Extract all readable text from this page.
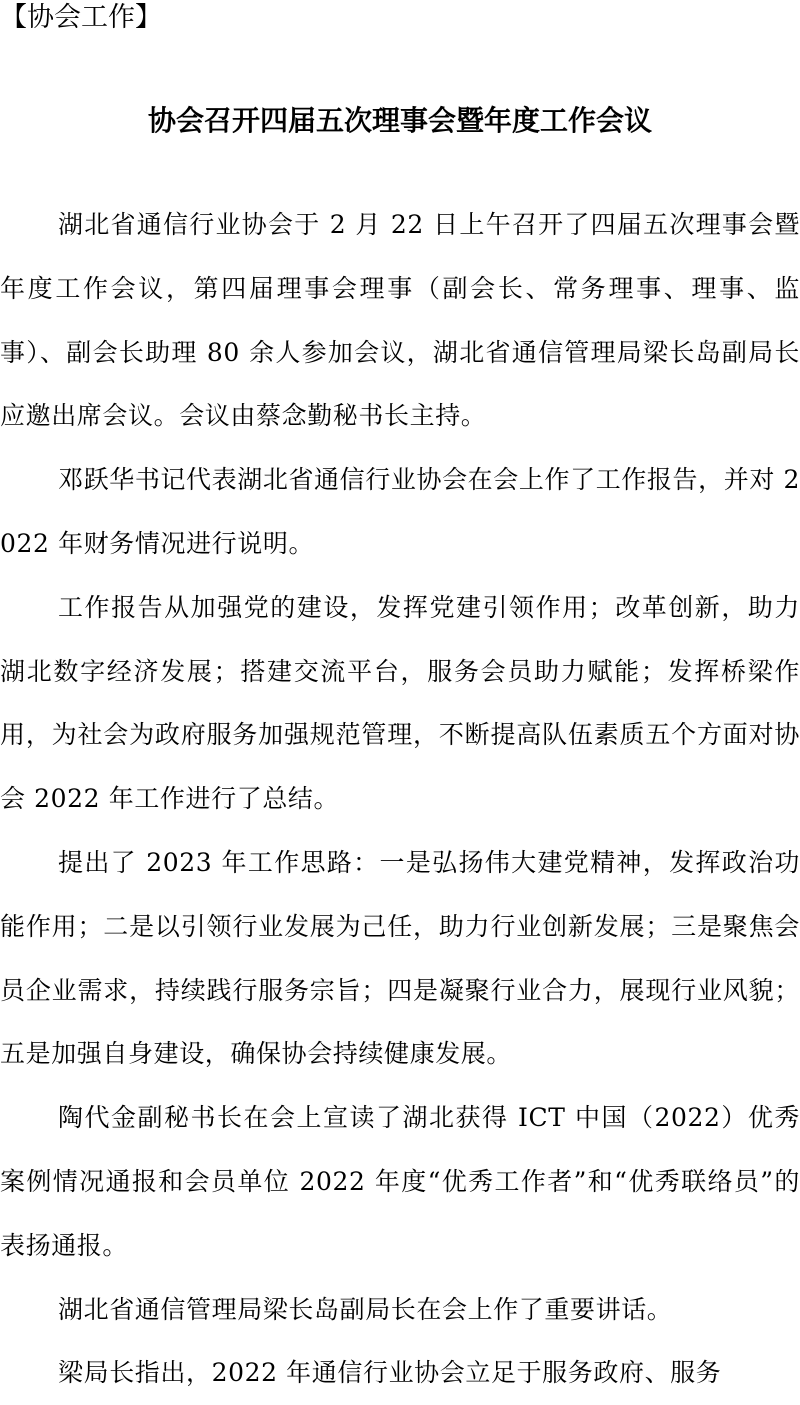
【协会工作】
协会召开四届五次理事会暨年度工作会议

湖北省通信行业协会于 2 月 22 日上午召开了四届五次理事会暨年度工作会议，第四届理事会理事（副会长、常务理事、理事、监事）、副会长助理 80 余人参加会议，湖北省通信管理局梁长岛副局长应邀出席会议。会议由蔡念勤秘书长主持。

邓跃华书记代表湖北省通信行业协会在会上作了工作报告，并对 2022 年财务情况进行说明。

工作报告从加强党的建设，发挥党建引领作用；改革创新，助力湖北数字经济发展；搭建交流平台，服务会员助力赋能；发挥桥梁作用，为社会为政府服务加强规范管理，不断提高队伍素质五个方面对协会 2022 年工作进行了总结。

提出了 2023 年工作思路：一是弘扬伟大建党精神，发挥政治功能作用；二是以引领行业发展为己任，助力行业创新发展；三是聚焦会员企业需求，持续践行服务宗旨；四是凝聚行业合力，展现行业风貌；五是加强自身建设，确保协会持续健康发展。

陶代金副秘书长在会上宣读了湖北获得 ICT 中国（2022）优秀案例情况通报和会员单位 2022 年度“优秀工作者”和“优秀联络员”的表扬通报。

湖北省通信管理局梁长岛副局长在会上作了重要讲话。

梁局长指出，2022 年通信行业协会立足于服务政府、服务
